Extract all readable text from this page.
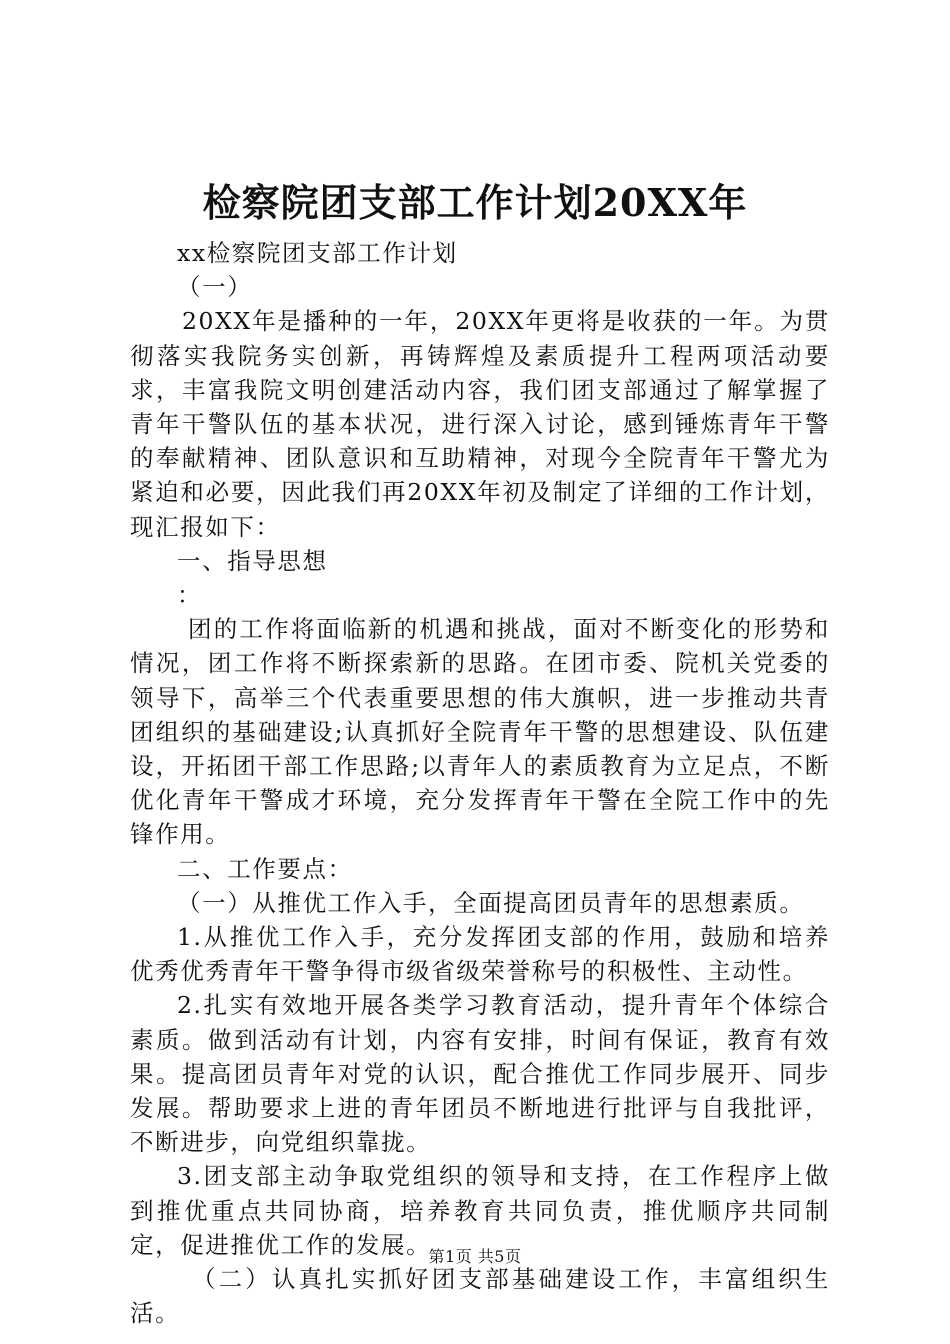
检察院团支部工作计划20XX年

xx检察院团支部工作计划

（一）

20XX年是播种的一年，20XX年更将是收获的一年。为贯彻落实我院务实创新，再铸辉煌及素质提升工程两项活动要求，丰富我院文明创建活动内容，我们团支部通过了解掌握了青年干警队伍的基本状况，进行深入讨论，感到锤炼青年干警的奉献精神、团队意识和互助精神，对现今全院青年干警尤为紧迫和必要，因此我们再20XX年初及制定了详细的工作计划，现汇报如下：

一、指导思想

：

团的工作将面临新的机遇和挑战，面对不断变化的形势和情况，团工作将不断探索新的思路。在团市委、院机关党委的领导下，高举三个代表重要思想的伟大旗帜，进一步推动共青团组织的基础建设;认真抓好全院青年干警的思想建设、队伍建设，开拓团干部工作思路;以青年人的素质教育为立足点，不断优化青年干警成才环境，充分发挥青年干警在全院工作中的先锋作用。

二、工作要点：

（一）从推优工作入手，全面提高团员青年的思想素质。

1.从推优工作入手，充分发挥团支部的作用，鼓励和培养优秀优秀青年干警争得市级省级荣誉称号的积极性、主动性。

2.扎实有效地开展各类学习教育活动，提升青年个体综合素质。做到活动有计划，内容有安排，时间有保证，教育有效果。提高团员青年对党的认识，配合推优工作同步展开、同步发展。帮助要求上进的青年团员不断地进行批评与自我批评，不断进步，向党组织靠拢。

3.团支部主动争取党组织的领导和支持，在工作程序上做到推优重点共同协商，培养教育共同负责，推优顺序共同制定，促进推优工作的发展。

（二）认真扎实抓好团支部基础建设工作，丰富组织生活。

第1页 共5页
